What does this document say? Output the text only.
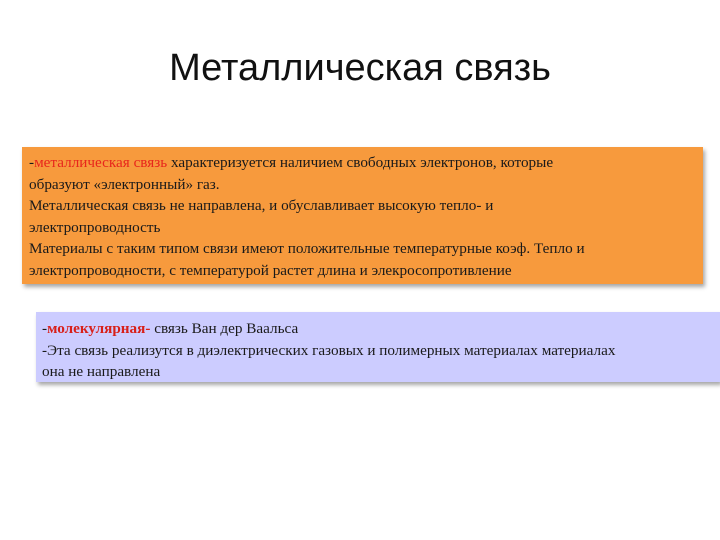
Металлическая связь
-металлическая связь характеризуется наличием свободных электронов, которые
образуют «электронный» газ.
Металлическая связь не направлена, и обуславливает высокую тепло- и
электропроводность
Материалы с таким типом связи имеют положительные температурные коэф. Тепло и
электропроводности, с температурой растет длина и элекросопротивление
-молекулярная- связь Ван дер Ваальса
-Эта связь реализутся в диэлектрических газовых и полимерных материалах материалах
она не направлена
